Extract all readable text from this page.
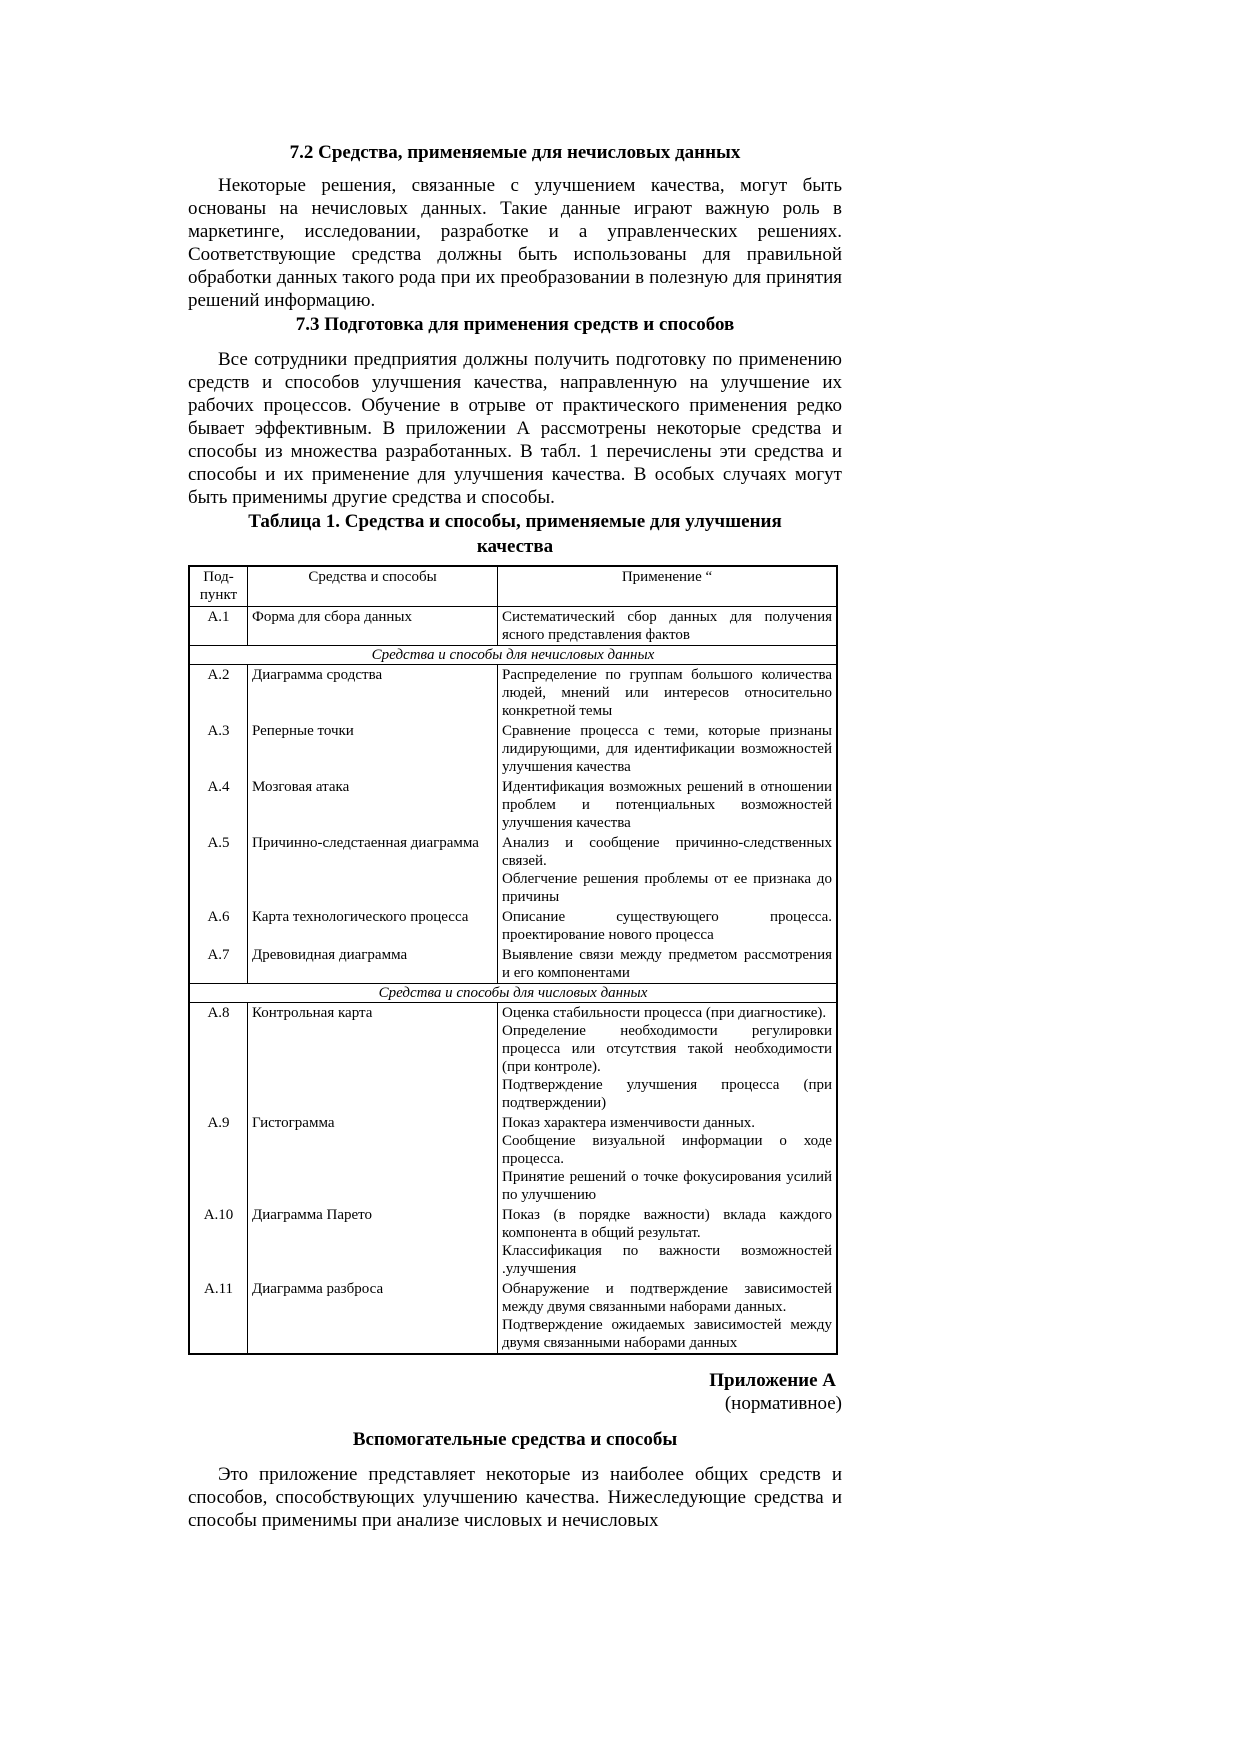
7.2 Средства, применяемые для нечисловых данных

Некоторые решения, связанные с улучшением качества, могут быть основаны на нечисловых данных. Такие данные играют важную роль в маркетинге, исследовании, разработке и а управленческих решениях. Соответствующие средства должны быть использованы для правильной обработки данных такого рода при их преобразовании в полезную для принятия решений информацию.

7.3 Подготовка для применения средств и способов

Все сотрудники предприятия должны получить подготовку по применению средств и способов улучшения качества, направленную на улучшение их рабочих процессов. Обучение в отрыве от практического применения редко бывает эффективным. В приложении А рассмотрены некоторые средства и способы из множества разработанных. В табл. 1 перечислены эти средства и способы и их применение для улучшения качества. В особых случаях могут быть применимы другие средства и способы.

Таблица 1. Средства и способы, применяемые для улучшения качества
Под-пункт	Средства и способы	Применение “
A.1	Форма для сбора данных	Систематический сбор данных для получения ясного представления фактов

Средства и способы для нечисловых данных		
A.2	Диаграмма сродства	Распределение по группам большого количества людей, мнений или интересов относительно конкретной темы

A.3	Реперные точки	Сравнение процесса с теми, которые признаны лидирующими, для идентификации возможностей улучшения качества

A.4	Мозговая атака	Идентификация возможных решений в отношении проблем и потенциальных возможностей улучшения качества

A.5	Причинно-следстаенная диаграмма	Анализ и сообщение причинно-следственных связей.
Облегчение решения проблемы от ее признака до причины

A.6	Карта технологического процесса	Описание существующего процесса. проектирование нового процесса

A.7	Древовидная диаграмма	Выявление связи между предметом рассмотрения и его компонентами

Средства и способы для числовых данных		
A.8	Контрольная карта	Оценка стабильности процесса (при диагностике).
Определение необходимости регулировки процесса или отсутствия такой необходимости (при контроле).
Подтверждение улучшения процесса (при подтверждении)

A.9	Гистограмма	Показ характера изменчивости данных.
Сообщение визуальной информации о ходе процесса.
Принятие решений о точке фокусирования усилий по улучшению

A.10	Диаграмма Парето	Показ (в порядке важности) вклада каждого компонента в общий результат.
Классификация по важности возможностей .улучшения

A.11	Диаграмма разброса	Обнаружение и подтверждение зависимостей между двумя связанными наборами данных.
Подтверждение ожидаемых зависимостей между двумя связанными наборами данных
Приложение А
(нормативное)
Вспомогательные средства и способы

Это приложение представляет некоторые из наиболее общих средств и способов, способствующих улучшению качества. Нижеследующие средства и способы применимы при анализе числовых и нечисловых
